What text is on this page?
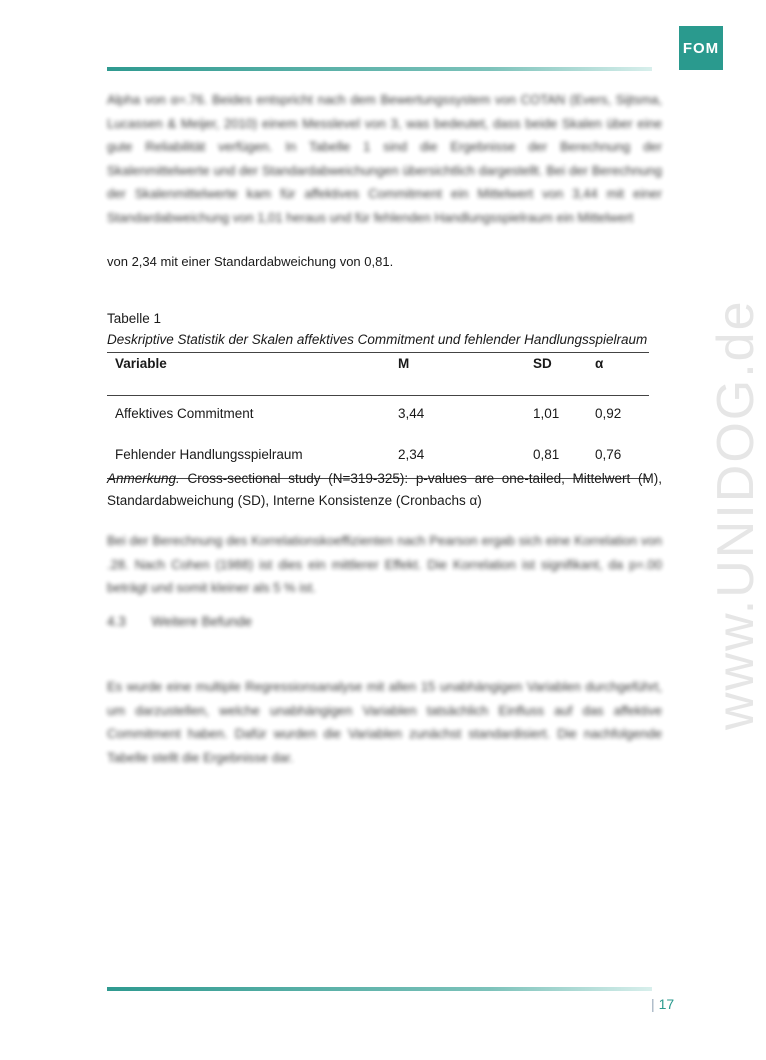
FOM
www.UNIDOG.de
Alpha von α=.76. Beides entspricht nach dem Bewertungssystem von COTAN (Evers, Sijtsma, Lucassen & Meijer, 2010) einem Messlevel von 3, was bedeutet, dass beide Skalen über eine gute Reliabilität verfügen. In Tabelle 1 sind die Ergebnisse der Berechnung der Skalenmittelwerte und der Standardabweichungen übersichtlich dargestellt. Bei der Berechnung der Skalenmittelwerte kam für affektives Commitment ein Mittelwert von 3,44 mit einer Standardabweichung von 1,01 heraus und für fehlenden Handlungsspielraum ein Mittelwert
von 2,34 mit einer Standardabweichung von 0,81.
Tabelle 1
Deskriptive Statistik der Skalen affektives Commitment und fehlender Handlungsspielraum
Variable	M	SD	α
Affektives Commitment	3,44	1,01	0,92
Fehlender Handlungsspielraum	2,34	0,81	0,76
Anmerkung. Cross-sectional study (N=319-325): p-values are one-tailed, Mittelwert (M), Standardabweichung (SD), Interne Konsistenze (Cronbachs α)
Bei der Berechnung des Korrelationskoeffizienten nach Pearson ergab sich eine Korrelation von .28. Nach Cohen (1988) ist dies ein mittlerer Effekt. Die Korrelation ist signifikant, da p=.00 beträgt und somit kleiner als 5 % ist.
4.3 Weitere Befunde
Es wurde eine multiple Regressionsanalyse mit allen 15 unabhängigen Variablen durchgeführt, um darzustellen, welche unabhängigen Variablen tatsächlich Einfluss auf das affektive Commitment haben. Dafür wurden die Variablen zunächst standardisiert. Die nachfolgende Tabelle stellt die Ergebnisse dar.
| 17
